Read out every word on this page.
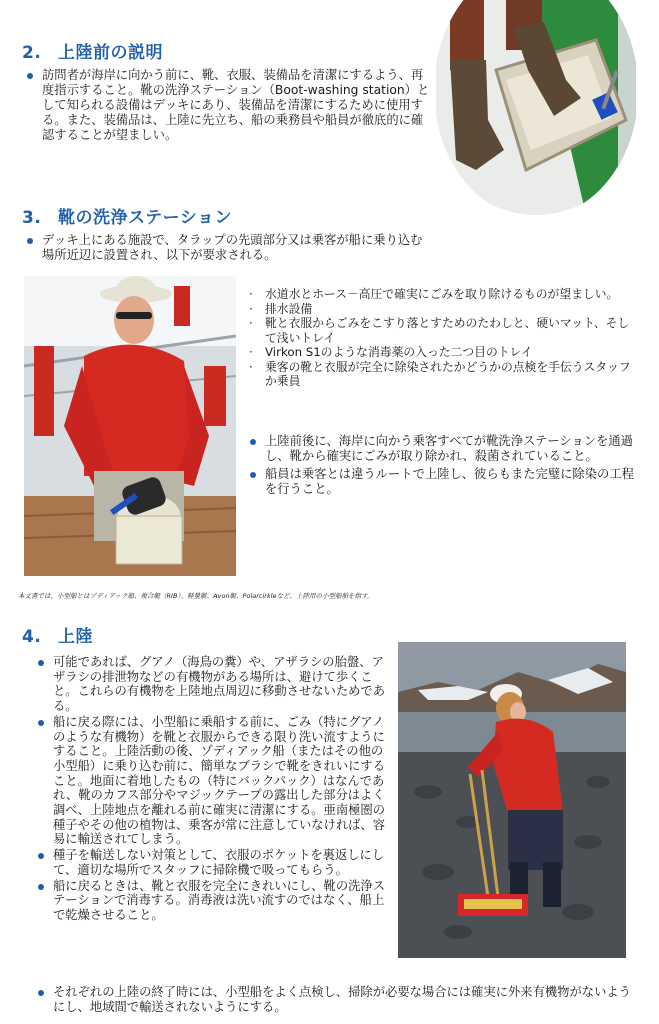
2. 上陸前の説明
訪問者が海岸に向かう前に、靴、衣服、装備品を清潔にするよう、再度指示すること。靴の洗浄ステーション（Boot-washing station）として知られる設備はデッキにあり、装備品を清潔にするために使用する。また、装備品は、上陸に先立ち、船の乗務員や船員が徹底的に確認することが望ましい。
3. 靴の洗浄ステーション
デッキ上にある施設で、タラップの先頭部分又は乗客が船に乗り込む場所近辺に設置され、以下が要求される。
· 水道水とホース－高圧で確実にごみを取り除けるものが望ましい。
· 排水設備
· 靴と衣服からごみをこすり落とすためのたわしと、硬いマット、そして浅いトレイ
· Virkon S1のような消毒薬の入った二つ目のトレイ
· 乗客の靴と衣服が完全に除染されたかどうかの点検を手伝うスタッフか乗員
上陸前後に、海岸に向かう乗客すべてが靴洗浄ステーションを通過し、靴から確実にごみが取り除かれ、殺菌されていること。
船員は乗客とは違うルートで上陸し、彼らもまた完璧に除染の工程を行うこと。
本文書では、小型船とはゾディアック船、複合艇（RIB）、軽量艇、Avon艇、Polarcirkleなど、上陸用の小型船舶を指す。
4. 上陸
可能であれば、グアノ（海鳥の糞）や、アザラシの胎盤、アザラシの排泄物などの有機物がある場所は、避けて歩くこと。これらの有機物を上陸地点周辺に移動させないためである。
船に戻る際には、小型船に乗船する前に、ごみ（特にグアノのような有機物）を靴と衣服からできる限り洗い流すようにすること。上陸活動の後、ゾディアック船（またはその他の小型船）に乗り込む前に、簡単なブラシで靴をきれいにすること。地面に着地したもの（特にバックパック）はなんであれ、靴のカフス部分やマジックテープの露出した部分はよく調べ、上陸地点を離れる前に確実に清潔にする。亜南極圏の種子やその他の植物は、乗客が常に注意していなければ、容易に輸送されてしまう。
種子を輸送しない対策として、衣服のポケットを裏返しにして、適切な場所でスタッフに掃除機で吸ってもらう。
船に戻るときは、靴と衣服を完全にきれいにし、靴の洗浄ステーションで消毒する。消毒液は洗い流すのではなく、船上で乾燥させること。
それぞれの上陸の終了時には、小型船をよく点検し、掃除が必要な場合には確実に外来有機物がないようにし、地域間で輸送されないようにする。
